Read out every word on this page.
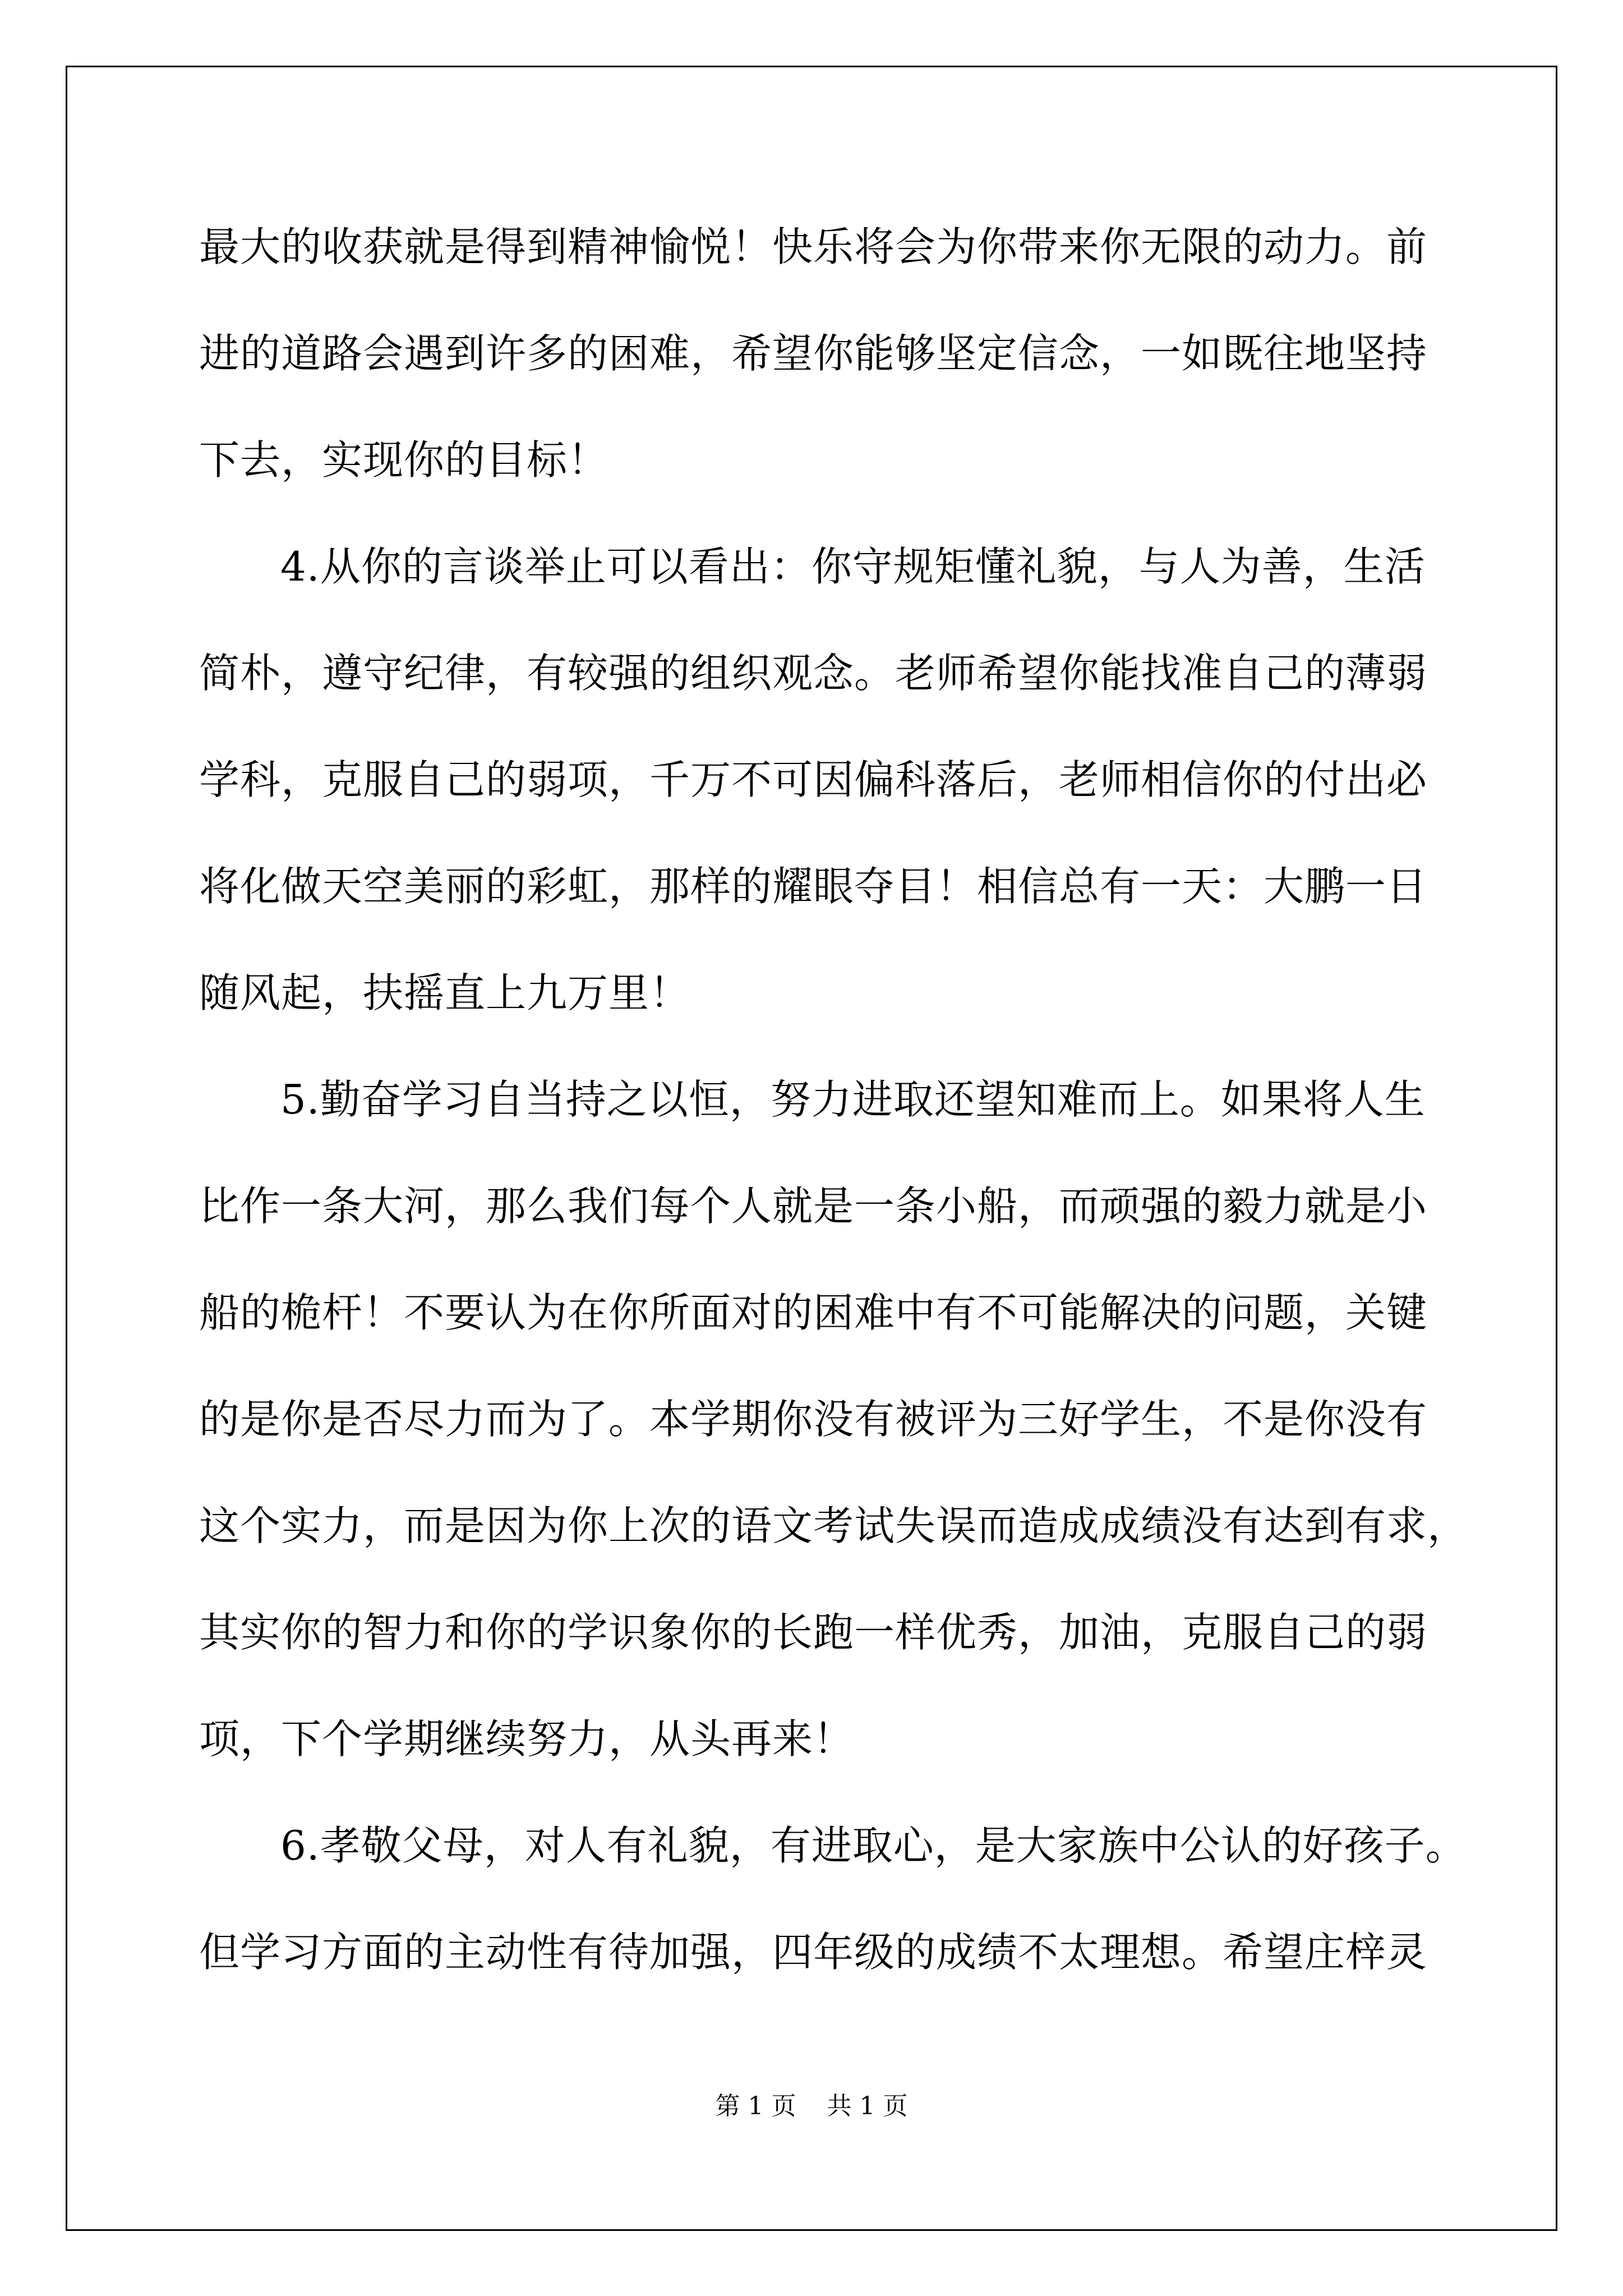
最大的收获就是得到精神愉悦！快乐将会为你带来你无限的动力。前
进的道路会遇到许多的困难，希望你能够坚定信念，一如既往地坚持
下去，实现你的目标！
4.从你的言谈举止可以看出：你守规矩懂礼貌，与人为善，生活
简朴，遵守纪律，有较强的组织观念。老师希望你能找准自己的薄弱
学科，克服自己的弱项，千万不可因偏科落后，老师相信你的付出必
将化做天空美丽的彩虹，那样的耀眼夺目！相信总有一天：大鹏一日
随风起，扶摇直上九万里！
5.勤奋学习自当持之以恒，努力进取还望知难而上。如果将人生
比作一条大河，那么我们每个人就是一条小船，而顽强的毅力就是小
船的桅杆！不要认为在你所面对的困难中有不可能解决的问题，关键
的是你是否尽力而为了。本学期你没有被评为三好学生，不是你没有
这个实力，而是因为你上次的语文考试失误而造成成绩没有达到有求，
其实你的智力和你的学识象你的长跑一样优秀，加油，克服自己的弱
项，下个学期继续努力，从头再来！
6.孝敬父母，对人有礼貌，有进取心，是大家族中公认的好孩子。
但学习方面的主动性有待加强，四年级的成绩不太理想。希望庄梓灵
第 1 页 共 1 页
